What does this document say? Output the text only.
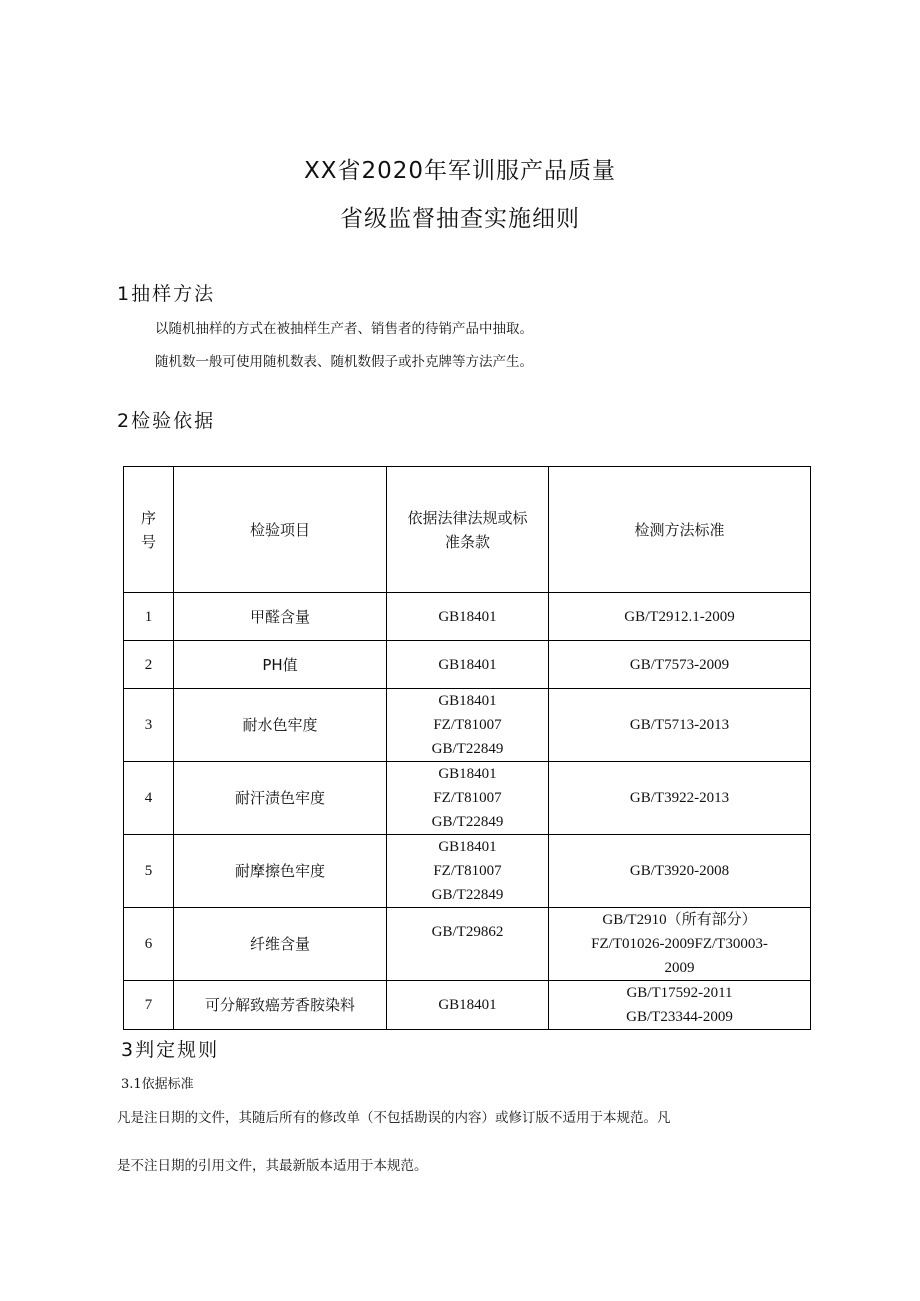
XX省2020年军训服产品质量
省级监督抽查实施细则
1抽样方法
以随机抽样的方式在被抽样生产者、销售者的待销产品中抽取。
随机数一般可使用随机数表、随机数假子或扑克牌等方法产生。
2检验依据
序
号	检验项目	依据法律法规或标
准条款	检测方法标准
1	甲醛含量	GB18401	GB/T2912.1-2009
2	PH值	GB18401	GB/T7573-2009
3	耐水色牢度	GB18401
FZ/T81007
GB/T22849	GB/T5713-2013
4	耐汗渍色牢度	GB18401
FZ/T81007
GB/T22849	GB/T3922-2013
5	耐摩擦色牢度	GB18401
FZ/T81007
GB/T22849	GB/T3920-2008
6	纤维含量	GB/T29862	GB/T2910（所有部分）
FZ/T01026-2009FZ/T30003-
2009

7	可分解致癌芳香胺染料	GB18401	GB/T17592-2011
GB/T23344-2009
3判定规则
3.1依据标准
凡是注日期的文件，其随后所有的修改单（不包括勘误的内容）或修订版不适用于本规范。凡
是不注日期的引用文件，其最新版本适用于本规范。
